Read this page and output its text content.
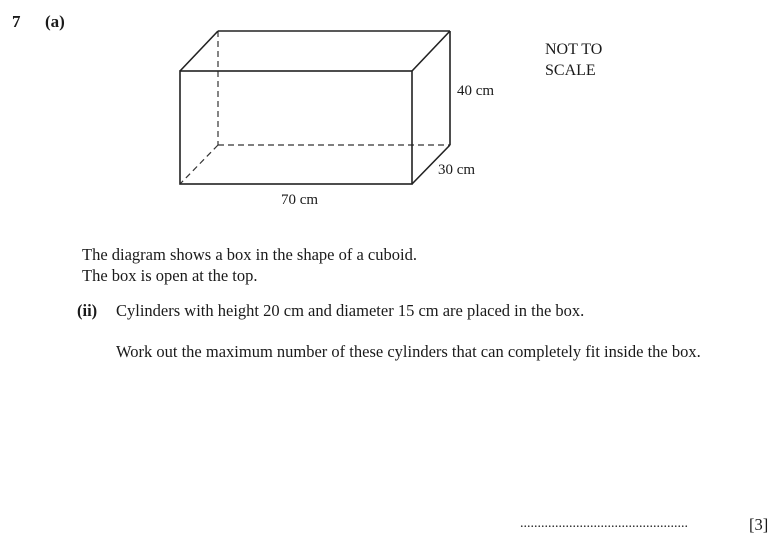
7 (a)
NOT TO
SCALE
40 cm
30 cm
70 cm
The diagram shows a box in the shape of a cuboid.
The box is open at the top.
(ii) Cylinders with height 20 cm and diameter 15 cm are placed in the box.
Work out the maximum number of these cylinders that can completely fit inside the box.
................................................	[3]
